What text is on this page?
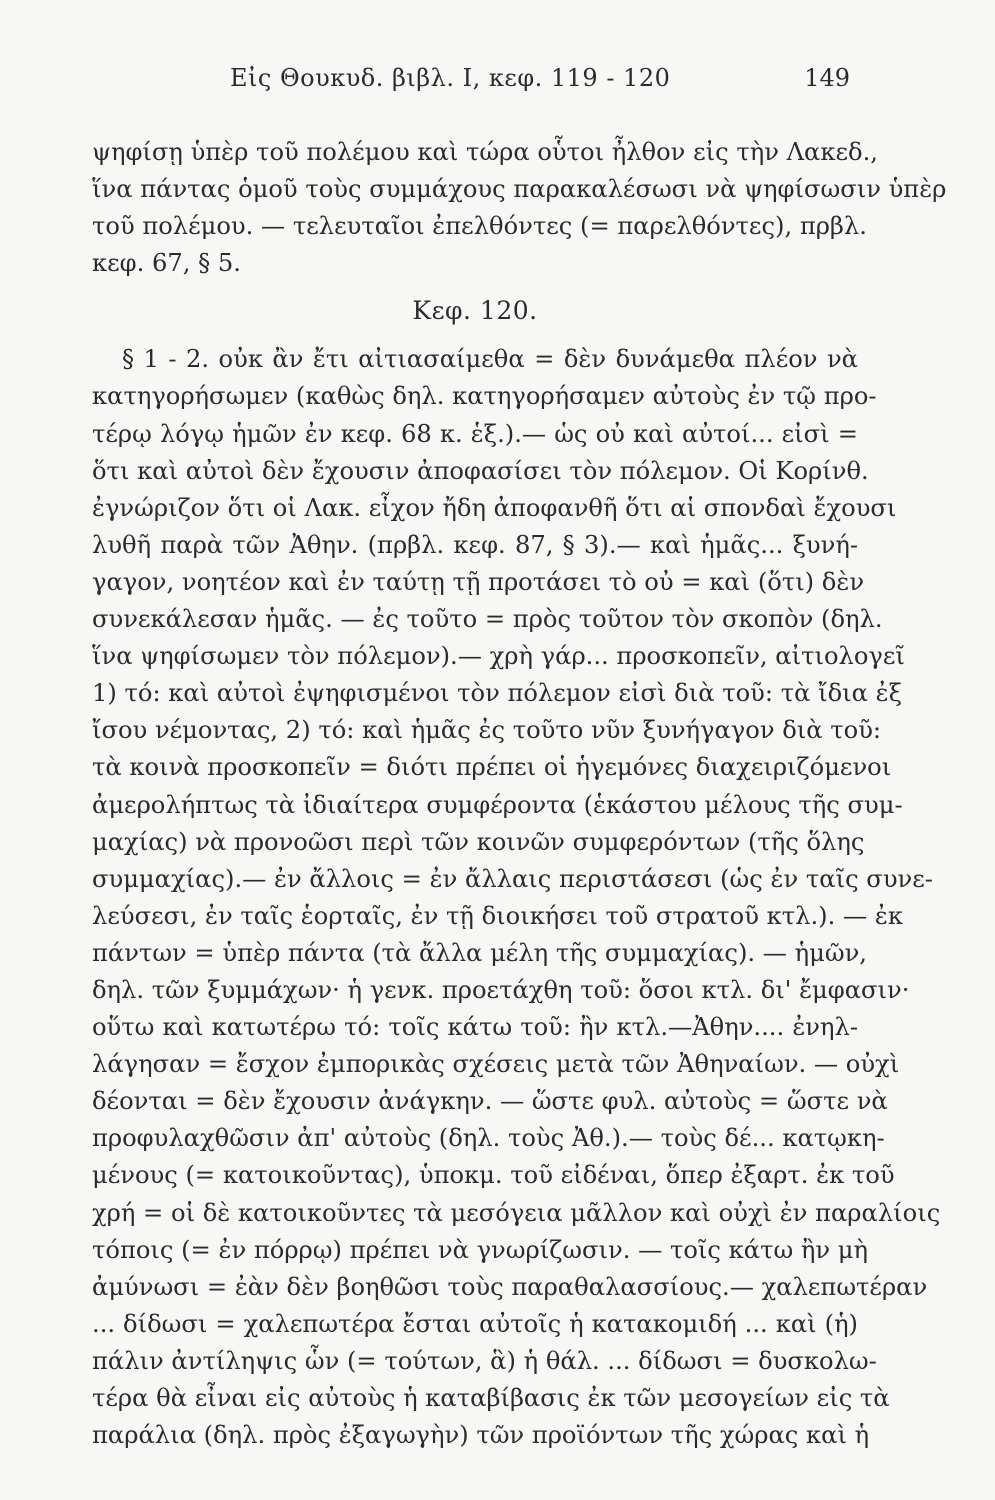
Εἰς Θουκυδ. βιβλ. I, κεφ. 119 - 120	149

ψηφίσῃ ὑπὲρ τοῦ πολέμου καὶ τώρα οὗτοι ἦλθον εἰς τὴν Λακεδ.,
ἵνα πάντας ὁμοῦ τοὺς συμμάχους παρακαλέσωσι νὰ ψηφίσωσιν ὑπὲρ
τοῦ πολέμου. — τελευταῖοι ἐπελθόντες (= παρελθόντες), πρβλ.
κεφ. 67, § 5.

Κεφ. 120.

§ 1 - 2. οὐκ ἂν ἔτι αἰτιασαίμεθα = δὲν δυνάμεθα πλέον νὰ
κατηγορήσωμεν (καθὼς δηλ. κατηγορήσαμεν αὐτοὺς ἐν τῷ προ-
τέρῳ λόγῳ ἡμῶν ἐν κεφ. 68 κ. ἑξ.).— ὡς οὐ καὶ αὐτοί... εἰσὶ =
ὅτι καὶ αὐτοὶ δὲν ἔχουσιν ἀποφασίσει τὸν πόλεμον. Οἱ Κορίνθ.
ἐγνώριζον ὅτι οἱ Λακ. εἶχον ἤδη ἀποφανθῆ ὅτι αἱ σπονδαὶ ἔχουσι
λυθῆ παρὰ τῶν Ἀθην. (πρβλ. κεφ. 87, § 3).— καὶ ἡμᾶς... ξυνή-
γαγον, νοητέον καὶ ἐν ταύτῃ τῇ προτάσει τὸ οὐ = καὶ (ὅτι) δὲν
συνεκάλεσαν ἡμᾶς. — ἐς τοῦτο = πρὸς τοῦτον τὸν σκοπὸν (δηλ.
ἵνα ψηφίσωμεν τὸν πόλεμον).— χρὴ γάρ... προσκοπεῖν, αἰτιολογεῖ
1) τό: καὶ αὐτοὶ ἐψηφισμένοι τὸν πόλεμον εἰσὶ διὰ τοῦ: τὰ ἴδια ἐξ
ἴσου νέμοντας, 2) τό: καὶ ἡμᾶς ἐς τοῦτο νῦν ξυνήγαγον διὰ τοῦ:
τὰ κοινὰ προσκοπεῖν = διότι πρέπει οἱ ἡγεμόνες διαχειριζόμενοι
ἀμερολήπτως τὰ ἰδιαίτερα συμφέροντα (ἑκάστου μέλους τῆς συμ-
μαχίας) νὰ προνοῶσι περὶ τῶν κοινῶν συμφερόντων (τῆς ὅλης
συμμαχίας).— ἐν ἄλλοις = ἐν ἄλλαις περιστάσεσι (ὡς ἐν ταῖς συνε-
λεύσεσι, ἐν ταῖς ἑορταῖς, ἐν τῇ διοικήσει τοῦ στρατοῦ κτλ.). — ἐκ
πάντων = ὑπὲρ πάντα (τὰ ἄλλα μέλη τῆς συμμαχίας). — ἡμῶν,
δηλ. τῶν ξυμμάχων· ἡ γενκ. προετάχθη τοῦ: ὅσοι κτλ. δι' ἔμφασιν·
οὕτω καὶ κατωτέρω τό: τοῖς κάτω τοῦ: ἢν κτλ.—Ἀθην.... ἐνηλ-
λάγησαν = ἔσχον ἐμπορικὰς σχέσεις μετὰ τῶν Ἀθηναίων. — οὐχὶ
δέονται = δὲν ἔχουσιν ἀνάγκην. — ὥστε φυλ. αὐτοὺς = ὥστε νὰ
προφυλαχθῶσιν ἀπ' αὐτοὺς (δηλ. τοὺς Ἀθ.).— τοὺς δέ... κατῳκη-
μένους (= κατοικοῦντας), ὑποκμ. τοῦ εἰδέναι, ὅπερ ἐξαρτ. ἐκ τοῦ
χρή = οἱ δὲ κατοικοῦντες τὰ μεσόγεια μᾶλλον καὶ οὐχὶ ἐν παραλίοις
τόποις (= ἐν πόρρῳ) πρέπει νὰ γνωρίζωσιν. — τοῖς κάτω ἢν μὴ
ἀμύνωσι = ἐὰν δὲν βοηθῶσι τοὺς παραθαλασσίους.— χαλεπωτέραν
... δίδωσι = χαλεπωτέρα ἔσται αὐτοῖς ἡ κατακομιδή ... καὶ (ἡ)
πάλιν ἀντίληψις ὧν (= τούτων, ἃ) ἡ θάλ. ... δίδωσι = δυσκολω-
τέρα θὰ εἶναι εἰς αὐτοὺς ἡ καταβίβασις ἐκ τῶν μεσογείων εἰς τὰ
παράλια (δηλ. πρὸς ἐξαγωγὴν) τῶν προϊόντων τῆς χώρας καὶ ἡ
